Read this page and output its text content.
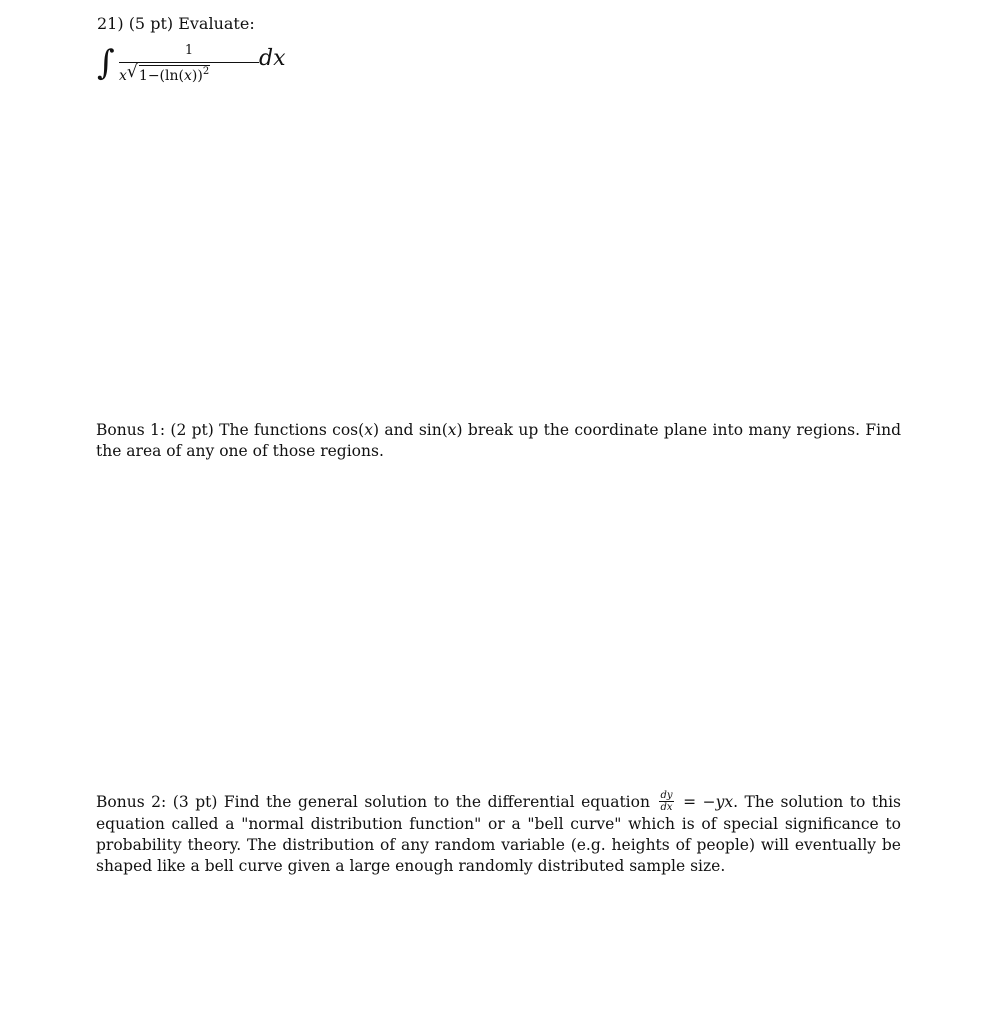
21) (5 pt) Evaluate:

∫	1
x √ $1-(\ln(x))^2$
dx

Bonus 1: (2 pt) The functions cos(x) and sin(x) break up the coordinate plane into many regions. Find the area of any one of those regions.

Bonus 2: (3 pt) Find the general solution to the differential equation $\frac{dy}{dx} = -yx$. The solution to this equation called a "normal distribution function" or a "bell curve" which is of special significance to probability theory. The distribution of any random variable (e.g. heights of people) will eventually be shaped like a bell curve given a large enough randomly distributed sample size.
